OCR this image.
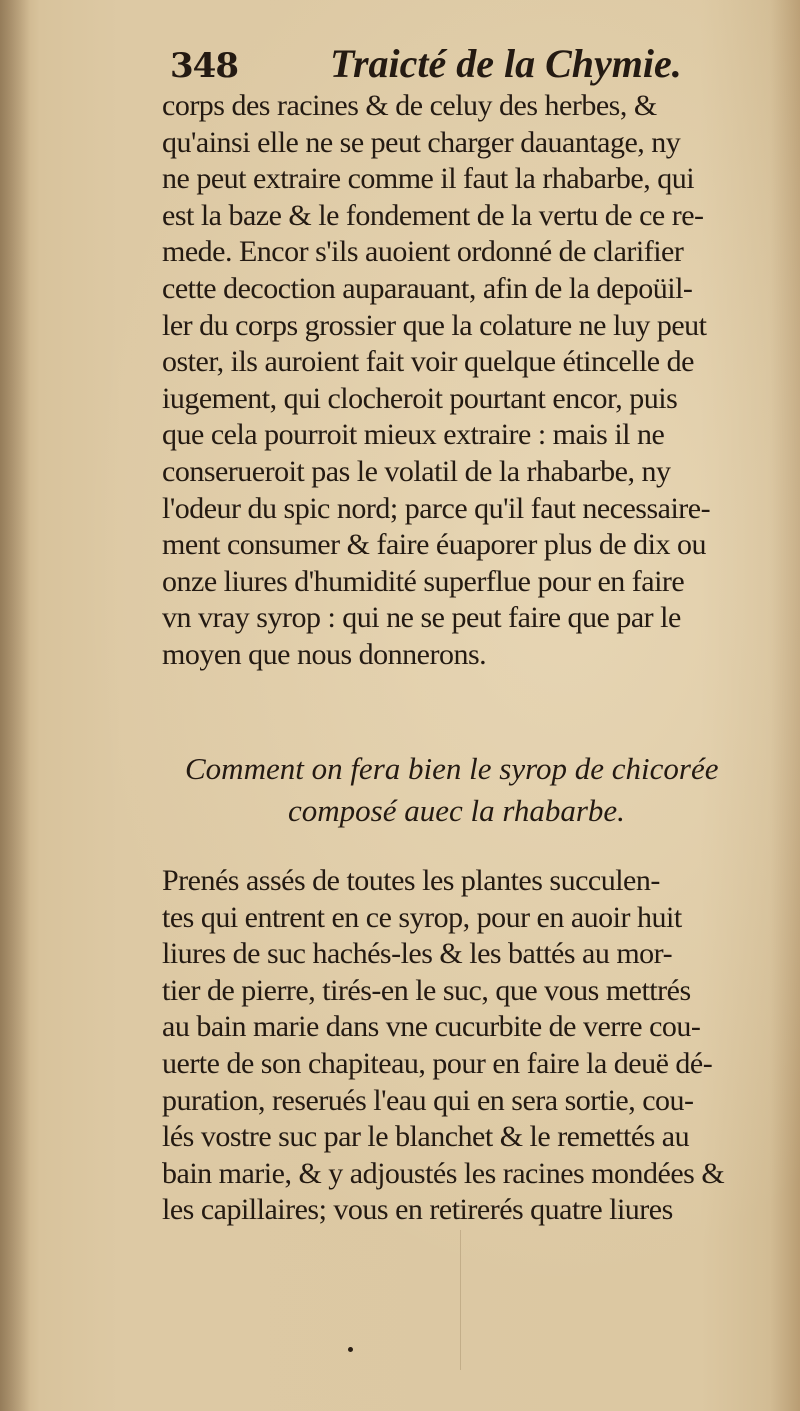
348 Traicté de la Chymie.
corps des racines & de celuy des herbes, &
qu'ainsi elle ne se peut charger dauantage, ny
ne peut extraire comme il faut la rhabarbe, qui
est la baze & le fondement de la vertu de ce re-
mede. Encor s'ils auoient ordonné de clarifier
cette decoction auparauant, afin de la depoüil-
ler du corps grossier que la colature ne luy peut
oster, ils auroient fait voir quelque étincelle de
iugement, qui clocheroit pourtant encor, puis
que cela pourroit mieux extraire : mais il ne
conserueroit pas le volatil de la rhabarbe, ny
l'odeur du spic nord; parce qu'il faut necessaire-
ment consumer & faire éuaporer plus de dix ou
onze liures d'humidité superflue pour en faire
vn vray syrop : qui ne se peut faire que par le
moyen que nous donnerons.
Comment on fera bien le syrop de chicorée
composé auec la rhabarbe.
Prenés assés de toutes les plantes succulen-
tes qui entrent en ce syrop, pour en auoir huit
liures de suc hachés-les & les battés au mor-
tier de pierre, tirés-en le suc, que vous mettrés
au bain marie dans vne cucurbite de verre cou-
uerte de son chapiteau, pour en faire la deuë dé-
puration, reserués l'eau qui en sera sortie, cou-
lés vostre suc par le blanchet & le remettés au
bain marie, & y adjoustés les racines mondées &
les capillaires; vous en retirerés quatre liures
